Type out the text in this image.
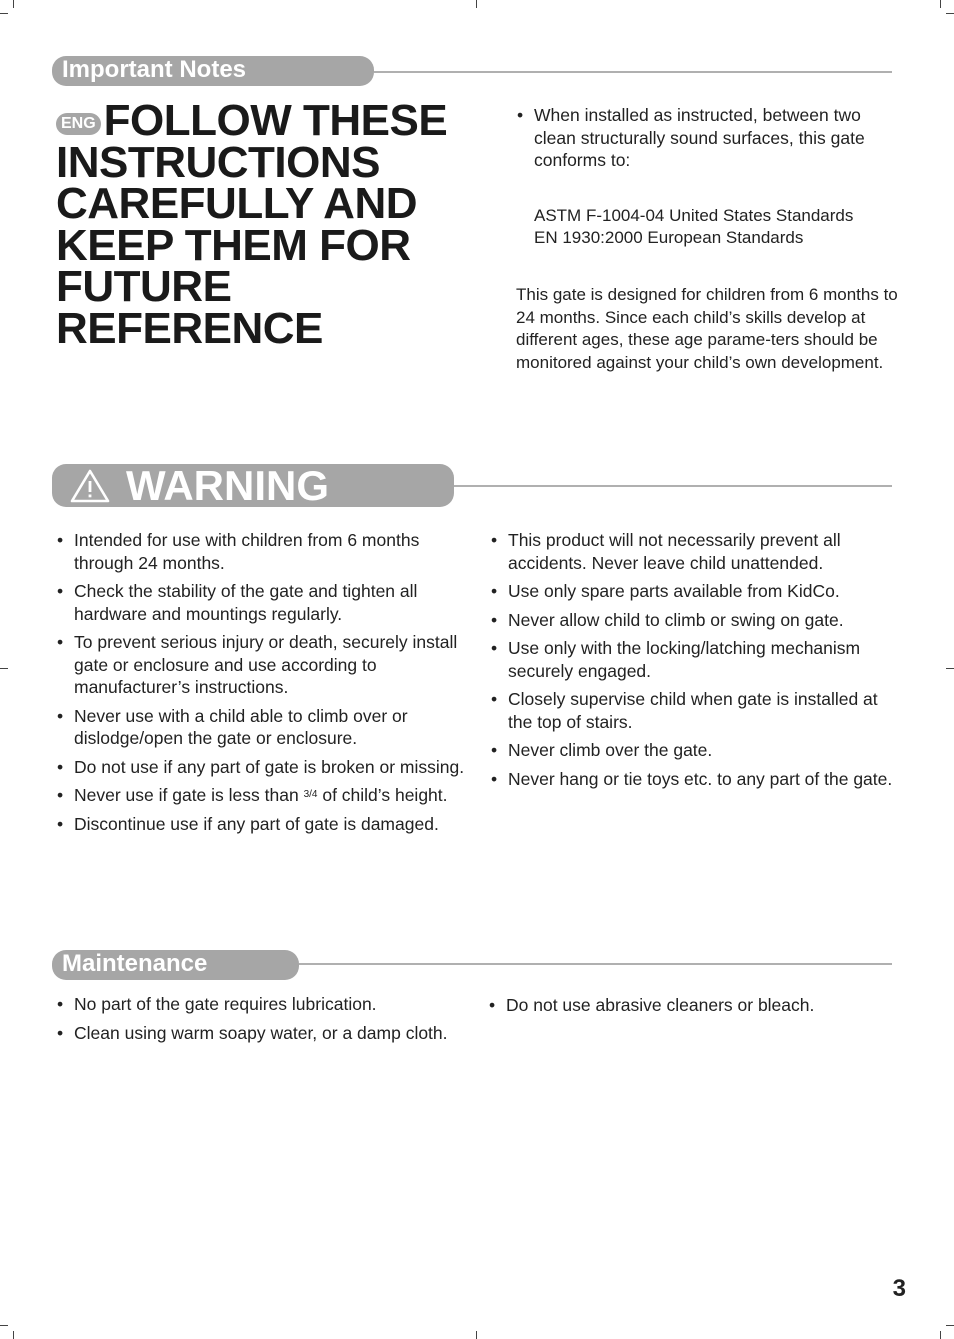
Important Notes
ENG FOLLOW THESE INSTRUCTIONS CAREFULLY AND KEEP THEM FOR FUTURE REFERENCE
• When installed as instructed, between two clean structurally sound surfaces, this gate conforms to:
ASTM F-1004-04 United States Standards
EN 1930:2000 European Standards
This gate is designed for children from 6 months to 24 months. Since each child’s skills develop at different ages, these age parame-ters should be monitored against your child’s own development.
WARNING
• Intended for use with children from 6 months through 24 months.
• Check the stability of the gate and tighten all hardware and mountings regularly.
• To prevent serious injury or death, securely install gate or enclosure and use according to manufacturer’s instructions.
• Never use with a child able to climb over or dislodge/open the gate or enclosure.
• Do not use if any part of gate is broken or missing.
• Never use if gate is less than $^{3/4}$ of child’s height.
• Discontinue use if any part of gate is damaged.
• This product will not necessarily prevent all accidents. Never leave child unattended.
• Use only spare parts available from KidCo.
• Never allow child to climb or swing on gate.
• Use only with the locking/latching mechanism securely engaged.
• Closely supervise child when gate is installed at the top of stairs.
• Never climb over the gate.
• Never hang or tie toys etc. to any part of the gate.
Maintenance
• No part of the gate requires lubrication.
• Clean using warm soapy water, or a damp cloth.
• Do not use abrasive cleaners or bleach.
3
